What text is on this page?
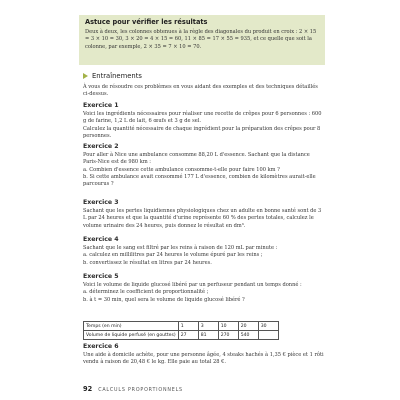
Astuce pour vérifier les résultats
Deux à deux, les colonnes obtenues à la règle des diagonales du produit en croix : 2 × 15 = 3 × 10 = 30, 3 × 20 = 4 × 15 = 60, 11 × 85 = 17 × 55 = 935, et ce quelle que soit la colonne, par exemple, 2 × 35 = 7 × 10 = 70.
Entraînements
À vous de résoudre ces problèmes en vous aidant des exemples et des techniques détaillés ci-dessus.
Exercice 1

Voici les ingrédients nécessaires pour réaliser une recette de crêpes pour 6 personnes : 600 g de farine, 1,2 L de lait, 6 œufs et 3 g de sel.

Calculez la quantité nécessaire de chaque ingrédient pour la préparation des crêpes pour 8 personnes.

Exercice 2

Pour aller à Nice une ambulance consomme 88,20 L d'essence. Sachant que la distance Paris-Nice est de 980 km :

a. Combien d'essence cette ambulance consomme-t-elle pour faire 100 km ?

b. Si cette ambulance avait consommé 177 L d'essence, combien de kilomètres aurait-elle parcourus ?

Exercice 3

Sachant que les pertes liquidiennes physiologiques chez un adulte en bonne santé sont de 3 L par 24 heures et que la quantité d'urine représente 60 % des pertes totales, calculez le volume urinaire des 24 heures, puis donnez le résultat en dm³.

Exercice 4

Sachant que le sang est filtré par les reins à raison de 120 mL par minute :

a. calculez en millilitres par 24 heures le volume épuré par les reins ;

b. convertissez le résultat en litres par 24 heures.

Exercice 5

Voici le volume de liquide glucosé libéré par un perfuseur pendant un temps donné :

a. déterminez le coefficient de proportionnalité ;

b. à t = 30 min, quel sera le volume de liquide glucosé libéré ?

Temps (en min)	1	3	10	20	30
Volume de liquide perfusé (en gouttes)	27	81	270	540	
Exercice 6

Une aide à domicile achète, pour une personne âgée, 4 steaks hachés à 1,35 € pièce et 1 rôti vendu à raison de 20,48 € le kg. Elle paie au total 28 €.

92 CALCULS PROPORTIONNELS
